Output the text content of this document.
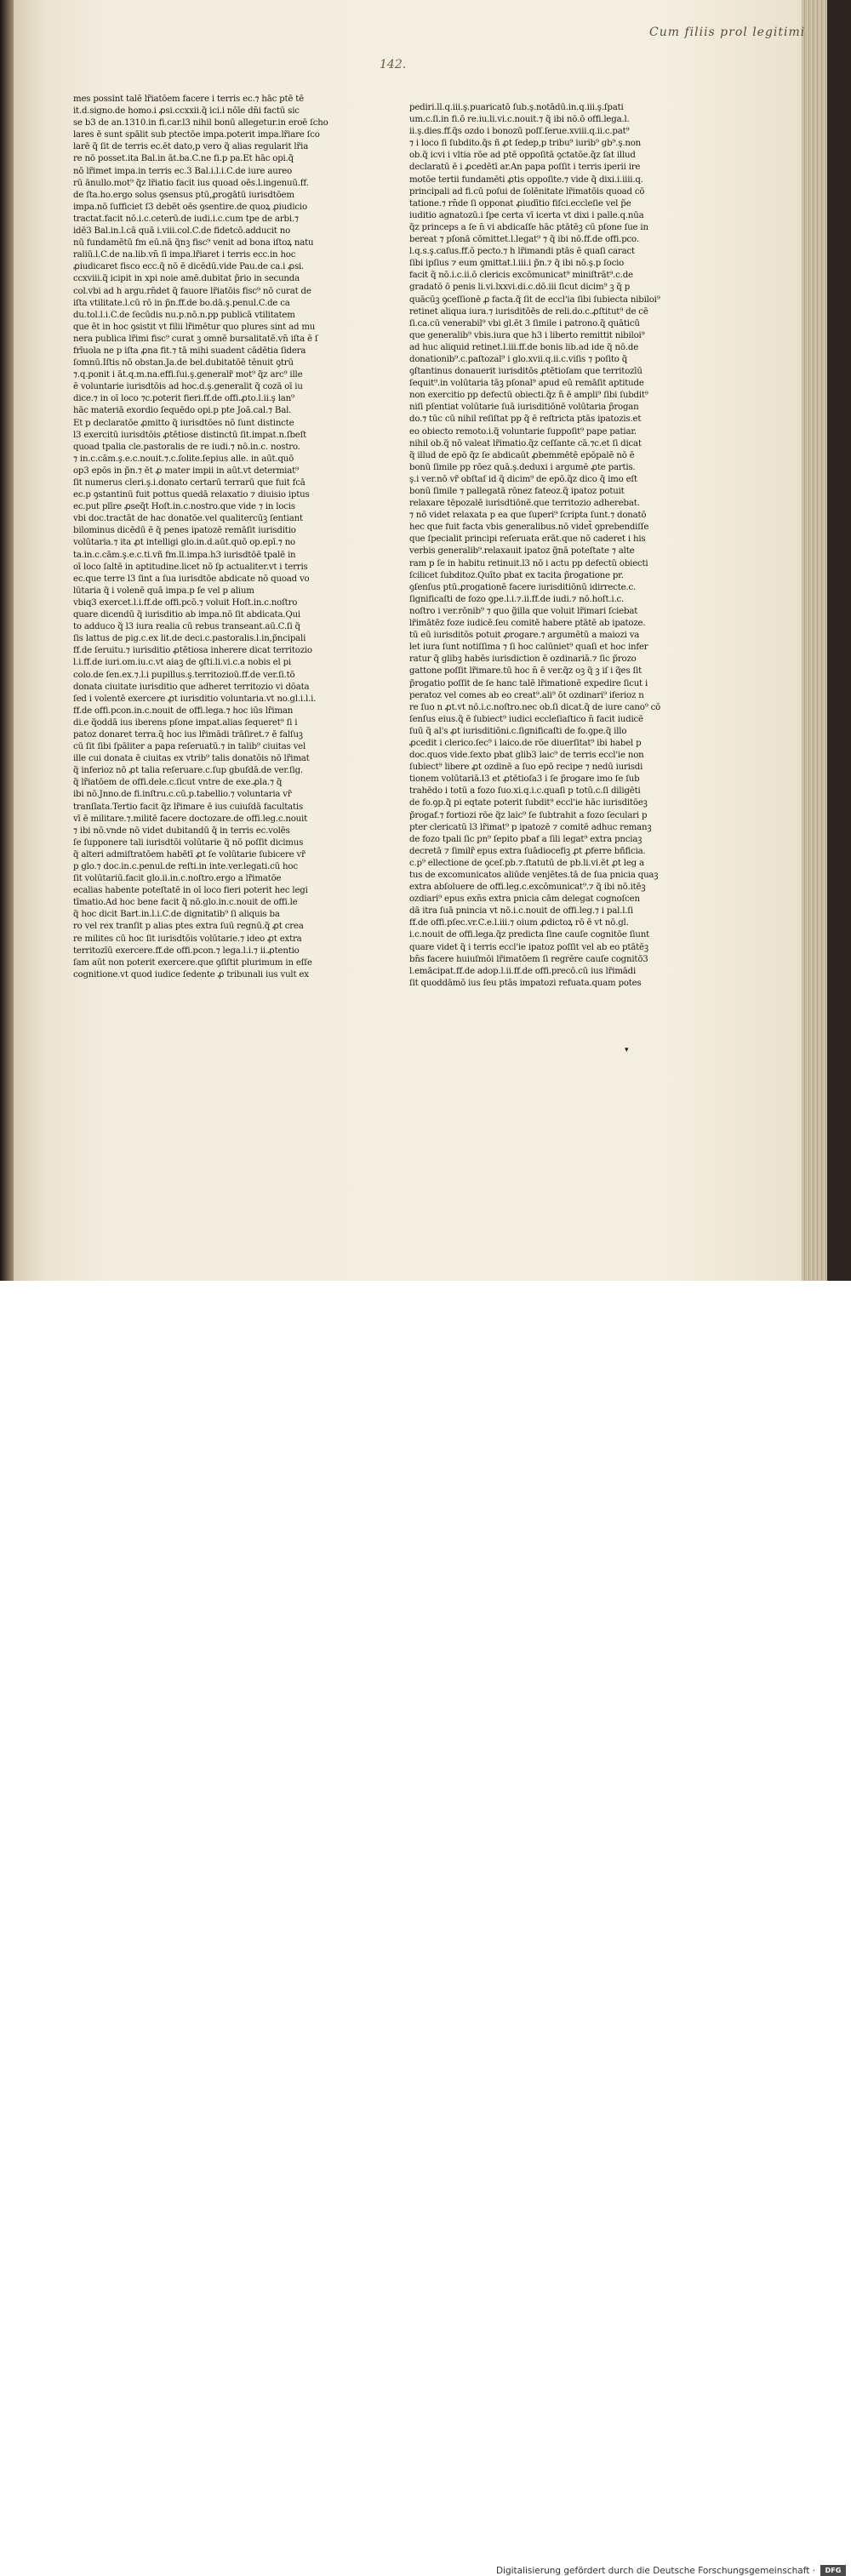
Cum filiis prol legitimi
142.
mes possint talē lr̃iatōem facere i terris ec.⁊ hāc ptē tē
it.d.signo.de homo.i ꝓsi.ccxxii.q̃ ici.i nōīe dn̄i factū sic
se b3 de an.1310.in fi.car.l3 nihil bonū allegetur.in eroē ſcho
lares ē sunt spālit sub ptectōe impa.poterit impa.lr̃iare ſco
larē q̃ ſit de terris ec.ēt dato,p vero q̃ alias regularit lr̃ia
re nō posset.ita Bal.in āt.ba.C.ne fi.p pa.Et hāc opi.q̃
nō lr̃imet impa.in terris ec.3 Bal.i.l.i.C.de iure aureo
rū ānullo.mot⁹ q̃z lr̃iatio facit ius quoad oēs.l.ingenuū.ff.
de ſta.ho.ergo solus ꝯsensus ptū,ꝓrogātū iurisdtōem
impa.nō ſufficiet ſ3 debēt oēs ꝯsentire.de quoꝝ ꝓiudicio
tractat.facit nō.i.c.ceterū.de iudi.i.c.cum tpe de arbi.⁊
idē3 Bal.in.l.cā quā i.viii.col.C.de fidetcō.adducit no
nū fundamētū fm eū.nā q̃nꝫ fisc⁹ venit ad bona iſtoꝝ natu
raliū.l.C.de na.lib.vn̄ ſi impa.lr̃iaret i terris ecc.in hoc
ꝓiudicaret fisco ecc.q̃ nō ē dicēdū.vide Pau.de ca.i ꝓsi.
ccxviii.q̃ icipit in xpi noie amē.dubitat p̃rio in secunda
col.vbi ad h argu.rn̄det q̃ fauore lr̃iatōis fisc⁹ nō curat de
iſta vtilitate.l.cū rō in p̃n.ff.de bo.dā.ş.penul.C.de ca
du.tol.l.i.C.de ſecūdis nu.p.nō.n.pp publicā vtilitatem
que ēt in hoc ꝯsistit vt filii lr̃imētur quo plures sint ad mu
nera publica lr̃imi fisc⁹ curat ꝫ omnē bursalitatē.vn̄ iſta ē ſ
frīuola ne p iſta ꝓna fit.⁊ tā mihi suadent cādētia ſidera
ſomnū.Iſtis nō obstan.Ja.de bel.dubitatōē tēnuit ꝯtrū
⁊.q.ponit i āt.q.m.na.effi.ſui.ş.generalr̃ mot⁹ q̃z arc⁹ ille
ē voluntarie iurisdtōis ad hoc.d.ş.generalit q̃ cozā oī iu
dice.⁊ in oī loco ⁊c.poterit fieri.ff.de offi.ꝓto.l.ii.ş lan⁹
hāc materiā exordio ſequēdo opi.p pte Joā.cal.⁊ Bal.
Et p declaratōe ꝓmitto q̃ iurisdtōes nō ſunt distincte
l3 exercitū iurisdtōis ꝓtētiose distinctū ſit.impat.n.ſbeſt
quoad tpalia cle.pastoralis de re iudi.⁊ nō.in.c. nostro.
⁊ in.c.cām.ş.e.c.nouit.⁊.c.ſolite.ſepius alle. in aūt.quō
op3 epōs in p̃n.⁊ ēt ꝓ mater impii in aūt.vt determiat⁹
ſit numerus cleri.ş.i.donato certarū terrarū que fuit fcā
ec.p ꝯstantinū fuit pottus quedā relaxatio ⁊ diuisio iptus
ec.put plīre ꝓseq̃t Hoſt.in.c.nostro.que vide ⁊ in locis
vbi doc.tractāt de hac donatōe.vel qualitercūꝫ ſentiant
bilominus dicēdū ē q̃ penes ipatozē remāſit iurisditio
volūtaria.⁊ ita ꝓt intelligi glo.in.d.aūt.quō op.epī.⁊ no
ta.in.c.cām.ş.e.c.ti.vñ fm.ll.impa.h3 iurisdtōē tpalē in
oī loco ſaltē in aptitudine.licet nō ſp actualiter.vt i terris
ec.que terre l3 ſint a ſua iurisdtōe abdicate nō quoad vo
lūtaria q̃ i volenē quā impa.p ſe vel p alium
vbiq3 exercet.l.i.ff.de offi.pcō.⁊ voluit Hoſt.in.c.noſtro
quare dicendū q̃ iurisditio ab impa.nō ſit abdicata.Qui
to adduco q̃ l3 iura realia cū rebus transeant.aū.C.ſi q̃
ſis lattus de pig.c.ex lit.de deci.c.pastoralis.l.in,p̃ncipali
ff.de ſeruitu.⁊ iurisditio ꝓtētiosa inherere dicat territozio
l.i.ff.de iuri.om.iu.c.vt aiaꝫ de ꝯſti.li.vi.c.a nobis el pi
colo.de ſen.ex.⁊.l.i pupillus.ş.territozioū.ff.de ver.ſi.tō
donata ciuitate iurisditio que adheret territozio vi dōata
ſed i volentē exercere ꝓt iurisditio voluntaria.vt no.gl.i.l.i.
ff.de offi.pcon.in.c.nouit de offi.lega.⁊ hoc iūs lr̃iman
di.e q̃oddā ius iberens pſone impat.alias ſequeret⁹ ſi i
patoz donaret terra.q̃ hoc ius lr̃imādi trāſiret.⁊ ē falſuꝫ
cū ſit ſibi ſpāliter a papa reſeruatū.⁊ in talib⁹ ciuitas vel
ille cui donata ē ciuitas ex vtrib⁹ talis donatōis nō lr̃imat
q̃ inferioz nō ꝓt talia reſeruare.c.ſup gbuſdā.de ver.ſig.
q̃ lr̃iatōem de offi.dele.c.ſicut vntre de exe.ꝓla.⁊ q̃
ibi nō.Jnno.de fi.inſtru.c.cū.p.tabellio.⁊ voluntaria vr̃
tranſlata.Tertio facit q̃z lr̃imare ē ius cuiuſdā facultatis
vī ē militare.⁊.militē facere doctozare.de offi.leg.c.nouit
⁊ ibi nō.vnde nō videt dubitandū q̃ in terris ec.volēs
ſe ſupponere tali iurisdtōi volūtarie q̃ nō poſſit dicimus
q̃ alteri admiſtratōem habētī ꝓt ſe volūtarie ſubicere vr̃
p glo.⁊ doc.in.c.penul.de reſti.in inte.ver.legati.cū hoc
ſit volūtariū.facit glo.ii.in.c.noſtro.ergo a lr̃imatōe
ecalias habente poteſtatē in oī loco fieri poterit hec legi
tīmatio.Ad hoc bene facit q̃ nō.glo.in.c.nouit de offi.le
q̃ hoc dicit Bart.in.l.i.C.de dignitatib⁹ ſi aliquis ba
ro vel rex tranſit p alias ptes extra ſuū regnū.q̃ ꝓt crea
re milites cū hoc ſit iurisdtōis volūtarie.⁊ ideo ꝓt extra
territozīū exercere.ff.de offi.pcon.⁊ lega.l.i.⁊ ii.ꝓtentio
ſam aūt non poterit exercere.que ꝯſiſtit plurimum in eſſe
cognitione.vt quod iudice ſedente ꝓ tribunali ius vult ex
pediri.ll.q.iii.ş.puaricatō ſub.ş.notādū.in.q.iii.ş.ſpati
um.c.ſi.in fi.ō re.iu.li.vi.c.nouit.⁊ q̃ ibi nō.ō offi.lega.l.
ii.ş.dies.ff.q̃s ozdo i bonozū poſſ.ſerue.xviii.q.ii.c.pat⁹
⁊ i loco ſi ſubdito.q̃s ñ ꝓt ſedep,p tribu⁹ iurib⁹ gb⁹.ş.non
ob.q̃ icvi i vltia rōe ad ptē oppoſitā ꝯctatōe.q̃z ſat illud
declaratū ē i ꝓcedētī ar.An papa poſſit i terris iperii ire
motōe tertii fundamēti ꝓtis oppoſite.⁊ vide q̃ dixi.i.iiii.q.
principali ad fi.cū poſui de ſolēnitate lr̃imatōis quoad cō
tatione.⁊ rn̄de ſi opponat ꝓiudītio fiſci.eccleſie vel p̃e
iuditio agnatozū.i ſpe certa vī icerta vt dixi i palle.q.nūa
q̃z princeps a ſe n̄ vi abdicaſſe hāc ptātēꝫ cū pſone ſue in
bereat ⁊ pſonā cōmittet.l.legat⁹ ⁊ q̃ ibi nō.ff.de offi.pco.
l.q.s.ş.caſus.ff.ō pecto.⁊ h lr̃imandi ptās ē quaſi caract
ſibi ipſius ⁊ eum ꝯmittat.l.iii.i p̃n.⁊ q̃ ibi nō.ş.p ſocio
facit q̃ nō.i.c.ii.ō clericis excōmunicat⁹ miniſtrāt⁹.c.de
gradatō ō penis li.vi.lxxvi.di.c.dō.iii ſicut dicim⁹ ꝫ q̃ p
quācūꝫ ꝯceſſionē ꝓ facta.q̃ ſit de eccl'ia ſibi ſubiecta nibiloi⁹
retinet aliqua iura.⁊ iurisditōēs de reli.do.c.ꝓſtitut⁹ de cē
ſi.ca.cū venerabil⁹ vbi gl.ēt 3 ſimile i patrono.q̃ quāticū
que generalib⁹ vbis.iura que h3 i liberto remittit nibiloi⁹
ad huc aliquid retinet.l.iii.ff.de bonis lib.ad ide q̃ nō.de
donationib⁹.c.paſtozal⁹ i glo.xvii.q.ii.c.viſis ⁊ poſito q̃
ꝯſtantinus donauerit iurisditōs ꝓtētioſam que territozīū
ſequit⁹.in volūtaria tāꝫ pſonal⁹ apud eū remāſit aptitude
non exercitio pp defectū obiecti.q̃z n̄ ē ampli⁹ ſibi ſubdit⁹
niſi pſentiat volūtarie ſuā iurisditiōnē volūtaria p̃rogan
do.⁊ tūc cū nihil reſiſtat pp q̃ ē reſtricta ptās ipatozis.et
eo obiecto remoto.i.q̃ voluntarie ſuppoſit⁹ pape patiar.
nihil ob.q̃ nō valeat lr̃imatio.q̃z ceſſante cā.⁊c.et ſi dicat
q̃ illud de epō q̃z ſe abdicaūt ꝓbemmētē epōpalē nō ē
bonū ſimile pp rōez quā.ş.deduxi i argumē ꝓte partis.
ş.i ver.nō vr̃ obſtaſ id q̃ dicim⁹ de epō.q̃z dico q̃ imo eſt
bonū ſimile ⁊ pallegatā rōnez fateoz.q̃ ipatoz potuit
relaxare tēpozalē iurisdtiōnē.que territozio adherebat.
⁊ nō videt relaxata p ea que ſuperi⁹ ſcripta ſunt.⁊ donatō
hec que fuit facta vbis generalibus.nō videt̄ ꝯprebendiſſe
que ſpecialit principi reſeruata erāt.que nō caderet i his
verbis generalib⁹.relaxauit ipatoz g̃nā poteſtate ⁊ alte
ram p ſe in habitu retinuit.l3 nō i actu pp defectū obiecti
ſcilicet ſubditoz.Quīto pbat ex tacita p̃rogatione pr.
ꝯſenſus ptū.ꝓrogationē facere iurisditiōnū idirrecte.c.
ſignificaſti de fozo ꝯpe.l.i.⁊.ii.ff.de iudi.⁊ nō.hoſt.i.c.
noſtro i ver.rōnib⁹ ⁊ quo g̃illa que voluit lr̃imari ſciebat
lr̃imātēz foze iudicē.ſeu comitē habere ptātē ab ipatoze.
tū eū iurisditōs potuit ꝓrogare.⁊ argumētū a maiozi va
let iura ſunt notiſſima ⁊ ſi hoc calūniet⁹ quaſi et hoc infer
ratur q̃ glibꝫ habēs iurisdiction ē ozdinariā.⁊ ſic p̃rozo
gattone poſſit lr̃imare.tū hoc n̄ ē ver.q̃z oꝫ q̃ ꝫ iſ i q̃es ſit
p̃rogatio poſſit de ſe hanc talē lr̃imationē expedire ſicut i
peratoz vel comes ab eo creat⁹.ali⁹ ōt ozdinari⁹ iferioz n
re ſuo n ꝓt.vt nō.i.c.noſtro.nec ob.ſi dicat.q̃ de iure cano⁹ cō
ſenſus eius.q̃ ē ſubiect⁹ iudici eccleſiaſtico n̄ facit iudicē
ſuū q̃ al's ꝓt iurisditiōni.c.ſignificaſti de fo.ꝯpe.q̃ illo
ꝓcedit i clerico.ſec⁹ i laico.de rōe diuerſitat⁹ ibi habel p
doc.quos vide.ſexto pbat glib3 laic⁹ de terris eccl'ie non
ſubiect⁹ libere ꝓt ozdinē a ſuo epō recipe ⁊ nedū iurisdi
tionem volūtariā.l3 et ꝓtētioſa3 i ſe p̃rogare imo ſe ſub
trahēdo i totū a fozo ſuo.xi.q.i.c.quaſi p totū.c.ſi diligēti
de fo.ꝯp.q̃ pi eqtate poterit ſubdit⁹ eccl'ie hāc iurisditōeꝫ
p̃rogaf.⁊ fortiozi rōe q̃z laic⁹ ſe ſubtrahit a fozo ſeculari p
pter clericatū l3 lr̃imat⁹ p ipatozē ⁊ comitē adhuc remanꝫ
de fozo tpali ſic pn⁹ ſepito pbaf a ſili legat⁹ extra pnciaꝫ
decretā ⁊ ſimilr̃ epus extra ſuādiocefiꝫ ꝓt ꝓferre bñficia.
c.p⁹ ellectione de ꝯceſ.pb.⁊.ſtatutū de pb.li.vi.ēt ꝓt leg a
tus de excomunicatos aliūde venjētes.tā de ſua pnicia quaꝫ
extra abſoluere de offi.leg.c.excōmunicat⁹.⁊ q̃ ibi nō.itēꝫ
ozdiari⁹ epus exn̄s extra pnicia cām delegat cognoſcen
dā itra ſuā pnincia vt nō.i.c.nouit de offi.leg.⁊ i pal.l.ſi
ff.de offi.pſec.vr.C.e.l.iii.⁊ oium ꝓdictoꝝ rō ē vt nō.gl.
i.c.nouit de offi.lega.q̃z predicta ſine cauſe cognitōe ſiunt
quare videt q̃ i terris eccl'ie ipatoz poſſit vel ab eo ptātēꝫ
bn̄s facere huiuſmōi lr̃imatōem ſi regrēre cauſe cognitō3
l.emācipat.ff.de adop.l.ii.ff.de offi.precō.cū ius lr̃imādi
ſit quoddāmō ius ſeu ptās impatozi refuata.quam potes
▾
Digitalisierung gefördert durch die Deutsche Forschungsgemeinschaft ·	DFG
